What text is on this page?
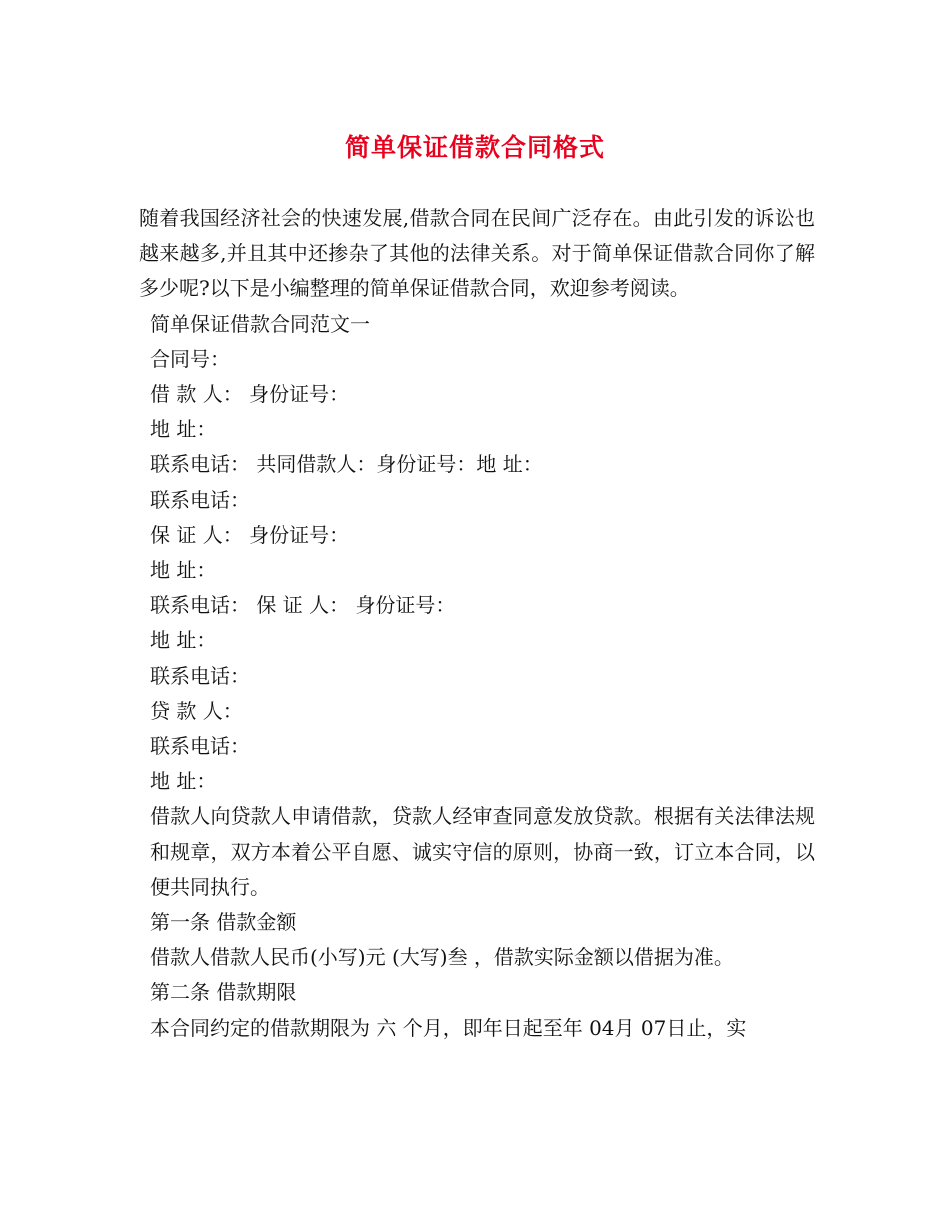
简单保证借款合同格式

随着我国经济社会的快速发展,借款合同在民间广泛存在。由此引发的诉讼也越来越多,并且其中还掺杂了其他的法律关系。对于简单保证借款合同你了解多少呢?以下是小编整理的简单保证借款合同，欢迎参考阅读。

简单保证借款合同范文一

合同号：

借 款 人： 身份证号：

地 址：

联系电话： 共同借款人：身份证号：地 址：

联系电话：

保 证 人： 身份证号：

地 址：

联系电话： 保 证 人： 身份证号：

地 址：

联系电话：

贷 款 人：

联系电话：

地 址：

借款人向贷款人申请借款，贷款人经审查同意发放贷款。根据有关法律法规和规章，双方本着公平自愿、诚实守信的原则，协商一致，订立本合同，以便共同执行。

第一条 借款金额

借款人借款人民币(小写)元 (大写)叁 ，借款实际金额以借据为准。

第二条 借款期限

本合同约定的借款期限为 六 个月，即年日起至年 04月 07日止，实
